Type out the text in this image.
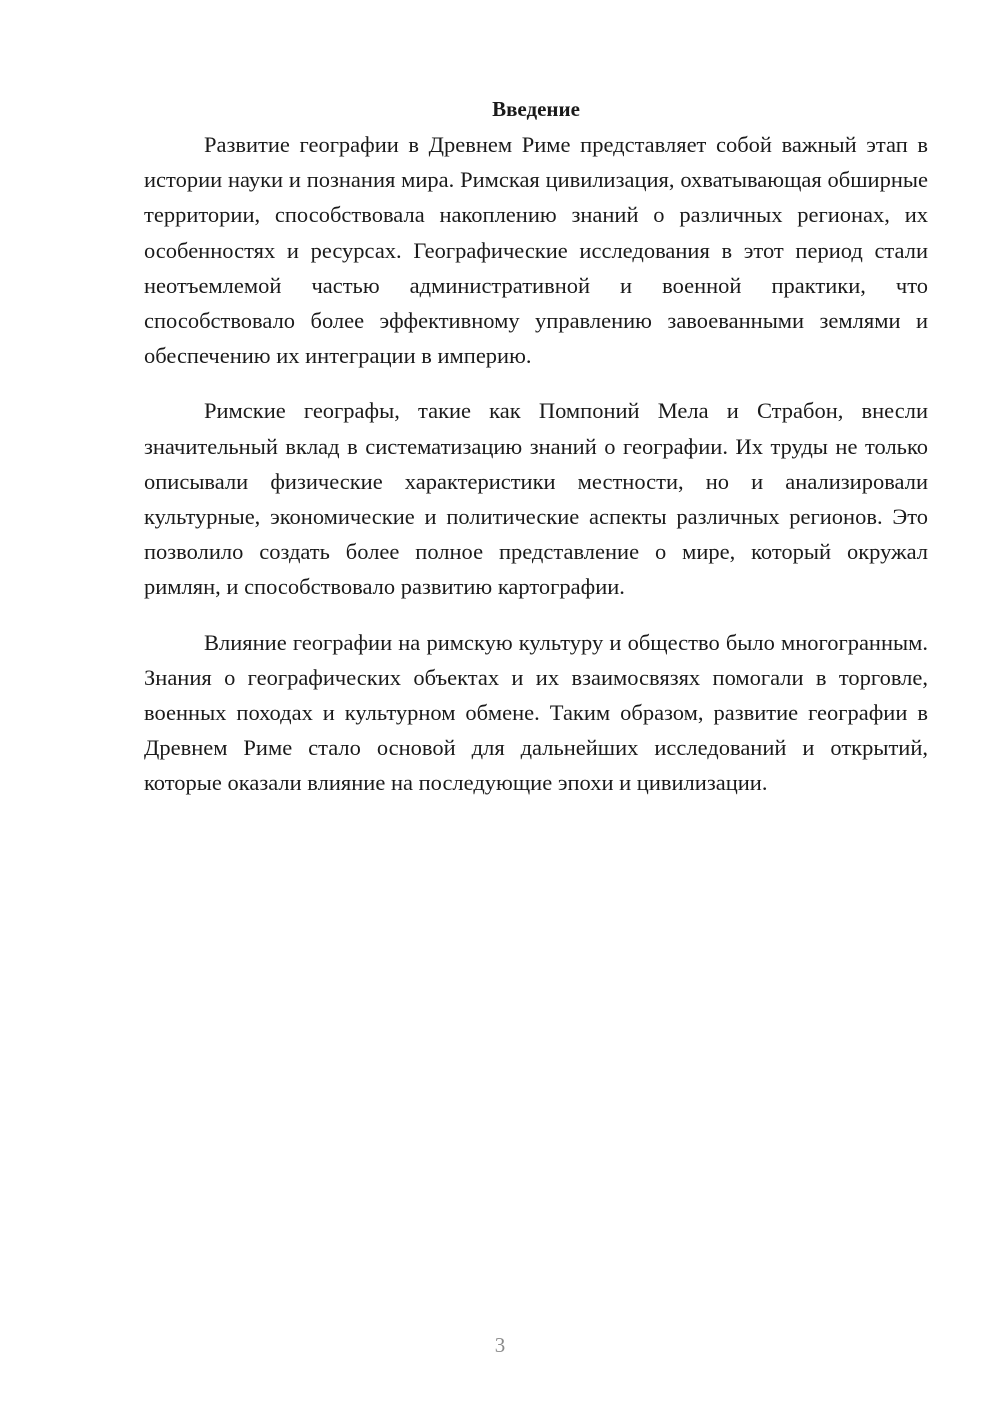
Введение

Развитие географии в Древнем Риме представляет собой важный этап в истории науки и познания мира. Римская цивилизация, охватывающая обширные территории, способствовала накоплению знаний о различных регионах, их особенностях и ресурсах. Географические исследования в этот период стали неотъемлемой частью административной и военной практики, что способствовало более эффективному управлению завоеванными землями и обеспечению их интеграции в империю.

Римские географы, такие как Помпоний Мела и Страбон, внесли значительный вклад в систематизацию знаний о географии. Их труды не только описывали физические характеристики местности, но и анализировали культурные, экономические и политические аспекты различных регионов. Это позволило создать более полное представление о мире, который окружал римлян, и способствовало развитию картографии.

Влияние географии на римскую культуру и общество было многогранным. Знания о географических объектах и их взаимосвязях помогали в торговле, военных походах и культурном обмене. Таким образом, развитие географии в Древнем Риме стало основой для дальнейших исследований и открытий, которые оказали влияние на последующие эпохи и цивилизации.

3
